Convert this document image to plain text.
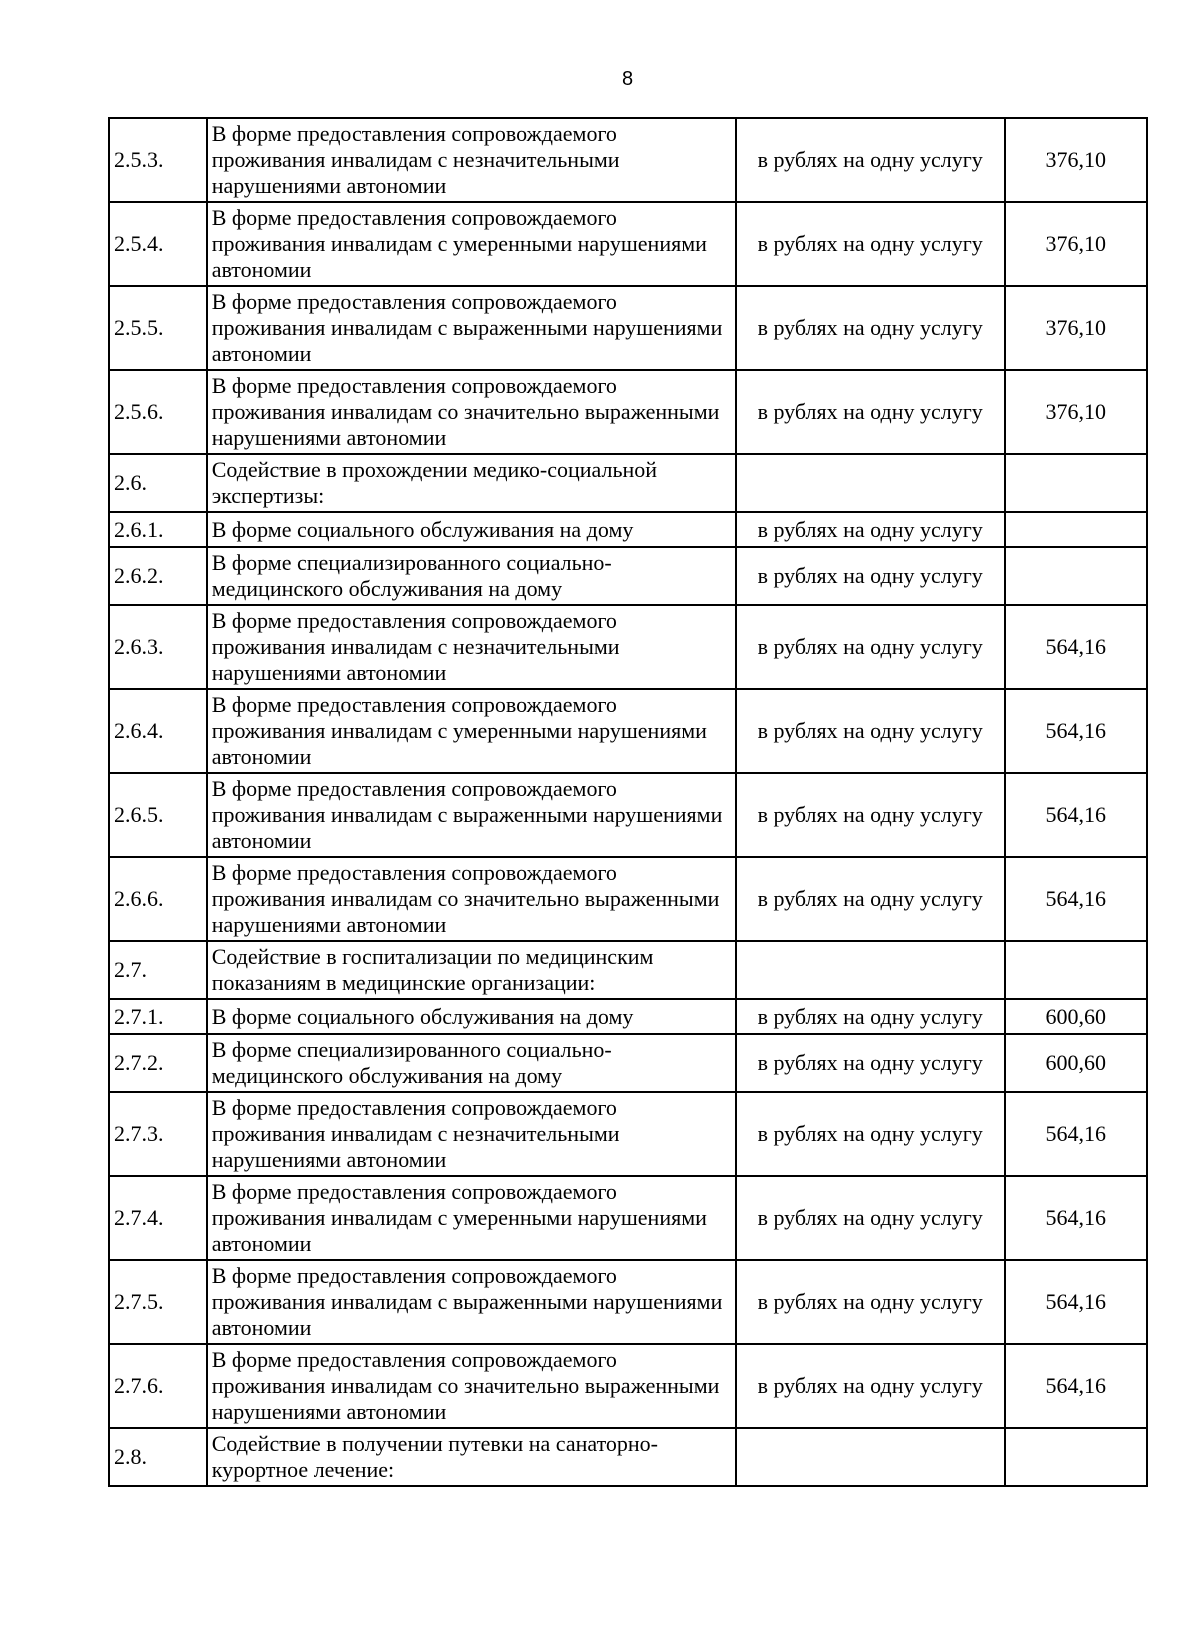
8
2.5.3.	В форме предоставления сопровождаемого проживания инвалидам с незначительными нарушениями автономии	в рублях на одну услугу	376,10
2.5.4.	В форме предоставления сопровождаемого проживания инвалидам с умеренными нарушениями автономии	в рублях на одну услугу	376,10
2.5.5.	В форме предоставления сопровождаемого проживания инвалидам с выраженными нарушениями автономии	в рублях на одну услугу	376,10
2.5.6.	В форме предоставления сопровождаемого проживания инвалидам со значительно выраженными нарушениями автономии	в рублях на одну услугу	376,10
2.6.	Содействие в прохождении медико-социальной экспертизы:		
2.6.1.	В форме социального обслуживания на дому	в рублях на одну услугу	
2.6.2.	В форме специализированного социально-медицинского обслуживания на дому	в рублях на одну услугу	
2.6.3.	В форме предоставления сопровождаемого проживания инвалидам с незначительными нарушениями автономии	в рублях на одну услугу	564,16
2.6.4.	В форме предоставления сопровождаемого проживания инвалидам с умеренными нарушениями автономии	в рублях на одну услугу	564,16
2.6.5.	В форме предоставления сопровождаемого проживания инвалидам с выраженными нарушениями автономии	в рублях на одну услугу	564,16
2.6.6.	В форме предоставления сопровождаемого проживания инвалидам со значительно выраженными нарушениями автономии	в рублях на одну услугу	564,16
2.7.	Содействие в госпитализации по медицинским показаниям в медицинские организации:		
2.7.1.	В форме социального обслуживания на дому	в рублях на одну услугу	600,60
2.7.2.	В форме специализированного социально-медицинского обслуживания на дому	в рублях на одну услугу	600,60
2.7.3.	В форме предоставления сопровождаемого проживания инвалидам с незначительными нарушениями автономии	в рублях на одну услугу	564,16
2.7.4.	В форме предоставления сопровождаемого проживания инвалидам с умеренными нарушениями автономии	в рублях на одну услугу	564,16
2.7.5.	В форме предоставления сопровождаемого проживания инвалидам с выраженными нарушениями автономии	в рублях на одну услугу	564,16
2.7.6.	В форме предоставления сопровождаемого проживания инвалидам со значительно выраженными нарушениями автономии	в рублях на одну услугу	564,16
2.8.	Содействие в получении путевки на санаторно-курортное лечение:		
